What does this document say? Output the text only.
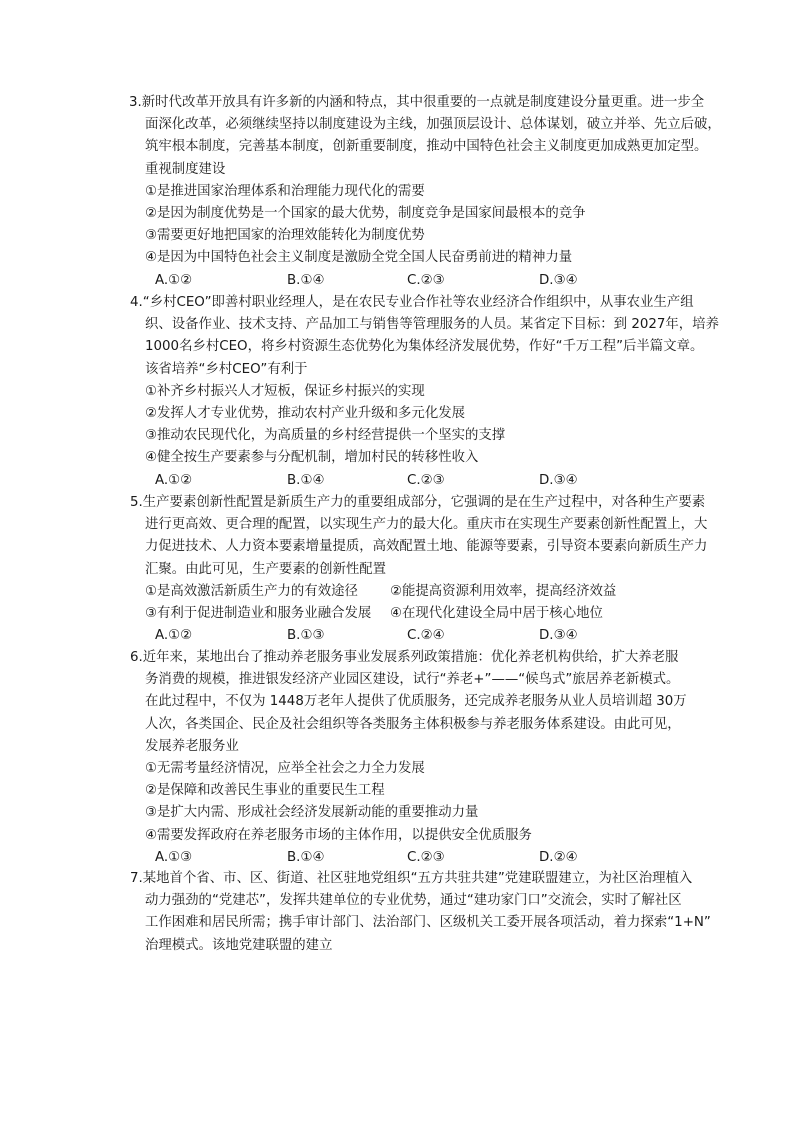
3.新时代改革开放具有许多新的内涵和特点，其中很重要的一点就是制度建设分量更重。进一步全
面深化改革，必须继续坚持以制度建设为主线，加强顶层设计、总体谋划，破立并举、先立后破，
筑牢根本制度，完善基本制度，创新重要制度，推动中国特色社会主义制度更加成熟更加定型。
重视制度建设
①是推进国家治理体系和治理能力现代化的需要
②是因为制度优势是一个国家的最大优势，制度竞争是国家间最根本的竞争
③需要更好地把国家的治理效能转化为制度优势
④是因为中国特色社会主义制度是激励全党全国人民奋勇前进的精神力量
A.①②	B.①④	C.②③	D.③④
4.“乡村CEO”即善村职业经理人，是在农民专业合作社等农业经济合作组织中，从事农业生产组
织、设备作业、技术支持、产品加工与销售等管理服务的人员。某省定下目标：到 2027年，培养
1000名乡村CEO，将乡村资源生态优势化为集体经济发展优势，作好“千万工程”后半篇文章。
该省培养“乡村CEO”有利于
①补齐乡村振兴人才短板，保证乡村振兴的实现
②发挥人才专业优势，推动农村产业升级和多元化发展
③推动农民现代化，为高质量的乡村经营提供一个坚实的支撑
④健全按生产要素参与分配机制，增加村民的转移性收入
A.①②	B.①④	C.②③	D.③④
5.生产要素创新性配置是新质生产力的重要组成部分，它强调的是在生产过程中，对各种生产要素
进行更高效、更合理的配置，以实现生产力的最大化。重庆市在实现生产要素创新性配置上，大
力促进技术、人力资本要素增量提质，高效配置土地、能源等要素，引导资本要素向新质生产力
汇聚。由此可见，生产要素的创新性配置
①是高效激活新质生产力的有效途径 ②能提高资源利用效率，提高经济效益
③有利于促进制造业和服务业融合发展 ④在现代化建设全局中居于核心地位
A.①②	B.①③	C.②④	D.③④
6.近年来，某地出台了推动养老服务事业发展系列政策措施：优化养老机构供给，扩大养老服
务消费的规模，推进银发经济产业园区建设，试行“养老+”——“候鸟式”旅居养老新模式。
在此过程中，不仅为 1448万老年人提供了优质服务，还完成养老服务从业人员培训超 30万
人次，各类国企、民企及社会组织等各类服务主体积极参与养老服务体系建设。由此可见，
发展养老服务业
①无需考量经济情况，应举全社会之力全力发展
②是保障和改善民生事业的重要民生工程
③是扩大内需、形成社会经济发展新动能的重要推动力量
④需要发挥政府在养老服务市场的主体作用，以提供安全优质服务
A.①③	B.①④	C.②③	D.②④
7.某地首个省、市、区、街道、社区驻地党组织“五方共驻共建”党建联盟建立，为社区治理植入
动力强劲的“党建芯”，发挥共建单位的专业优势，通过“建功家门口”交流会，实时了解社区
工作困难和居民所需；携手审计部门、法治部门、区级机关工委开展各项活动，着力探索“1+N”
治理模式。该地党建联盟的建立
